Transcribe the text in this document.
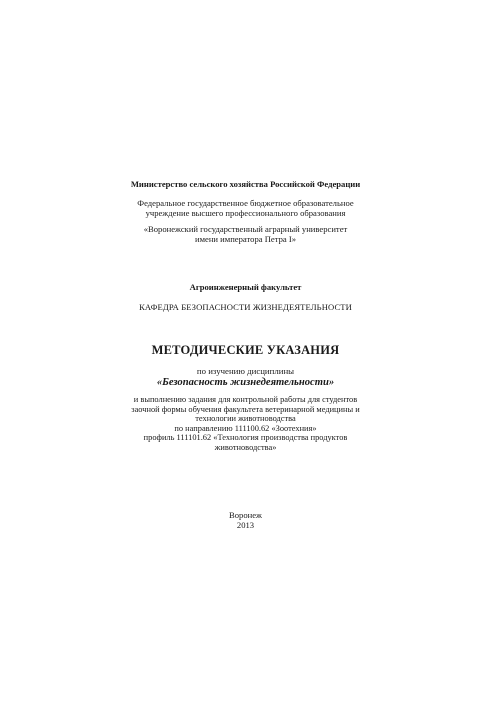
Министерство сельского хозяйства Российской Федерации
Федеральное государственное бюджетное образовательное
учреждение высшего профессионального образования
«Воронежский государственный аграрный университет
имени императора Петра I»
Агроинженерный факультет
КАФЕДРА БЕЗОПАСНОСТИ ЖИЗНЕДЕЯТЕЛЬНОСТИ
МЕТОДИЧЕСКИЕ УКАЗАНИЯ
по изучению дисциплины
«Безопасность жизнедеятельности»
и выполнению задания для контрольной работы для студентов
заочной формы обучения факультета ветеринарной медицины и
технологии животноводства
по направлению 111100.62 «Зоотехния»
профиль 111101.62 «Технология производства продуктов
животноводства»
Воронеж
2013
